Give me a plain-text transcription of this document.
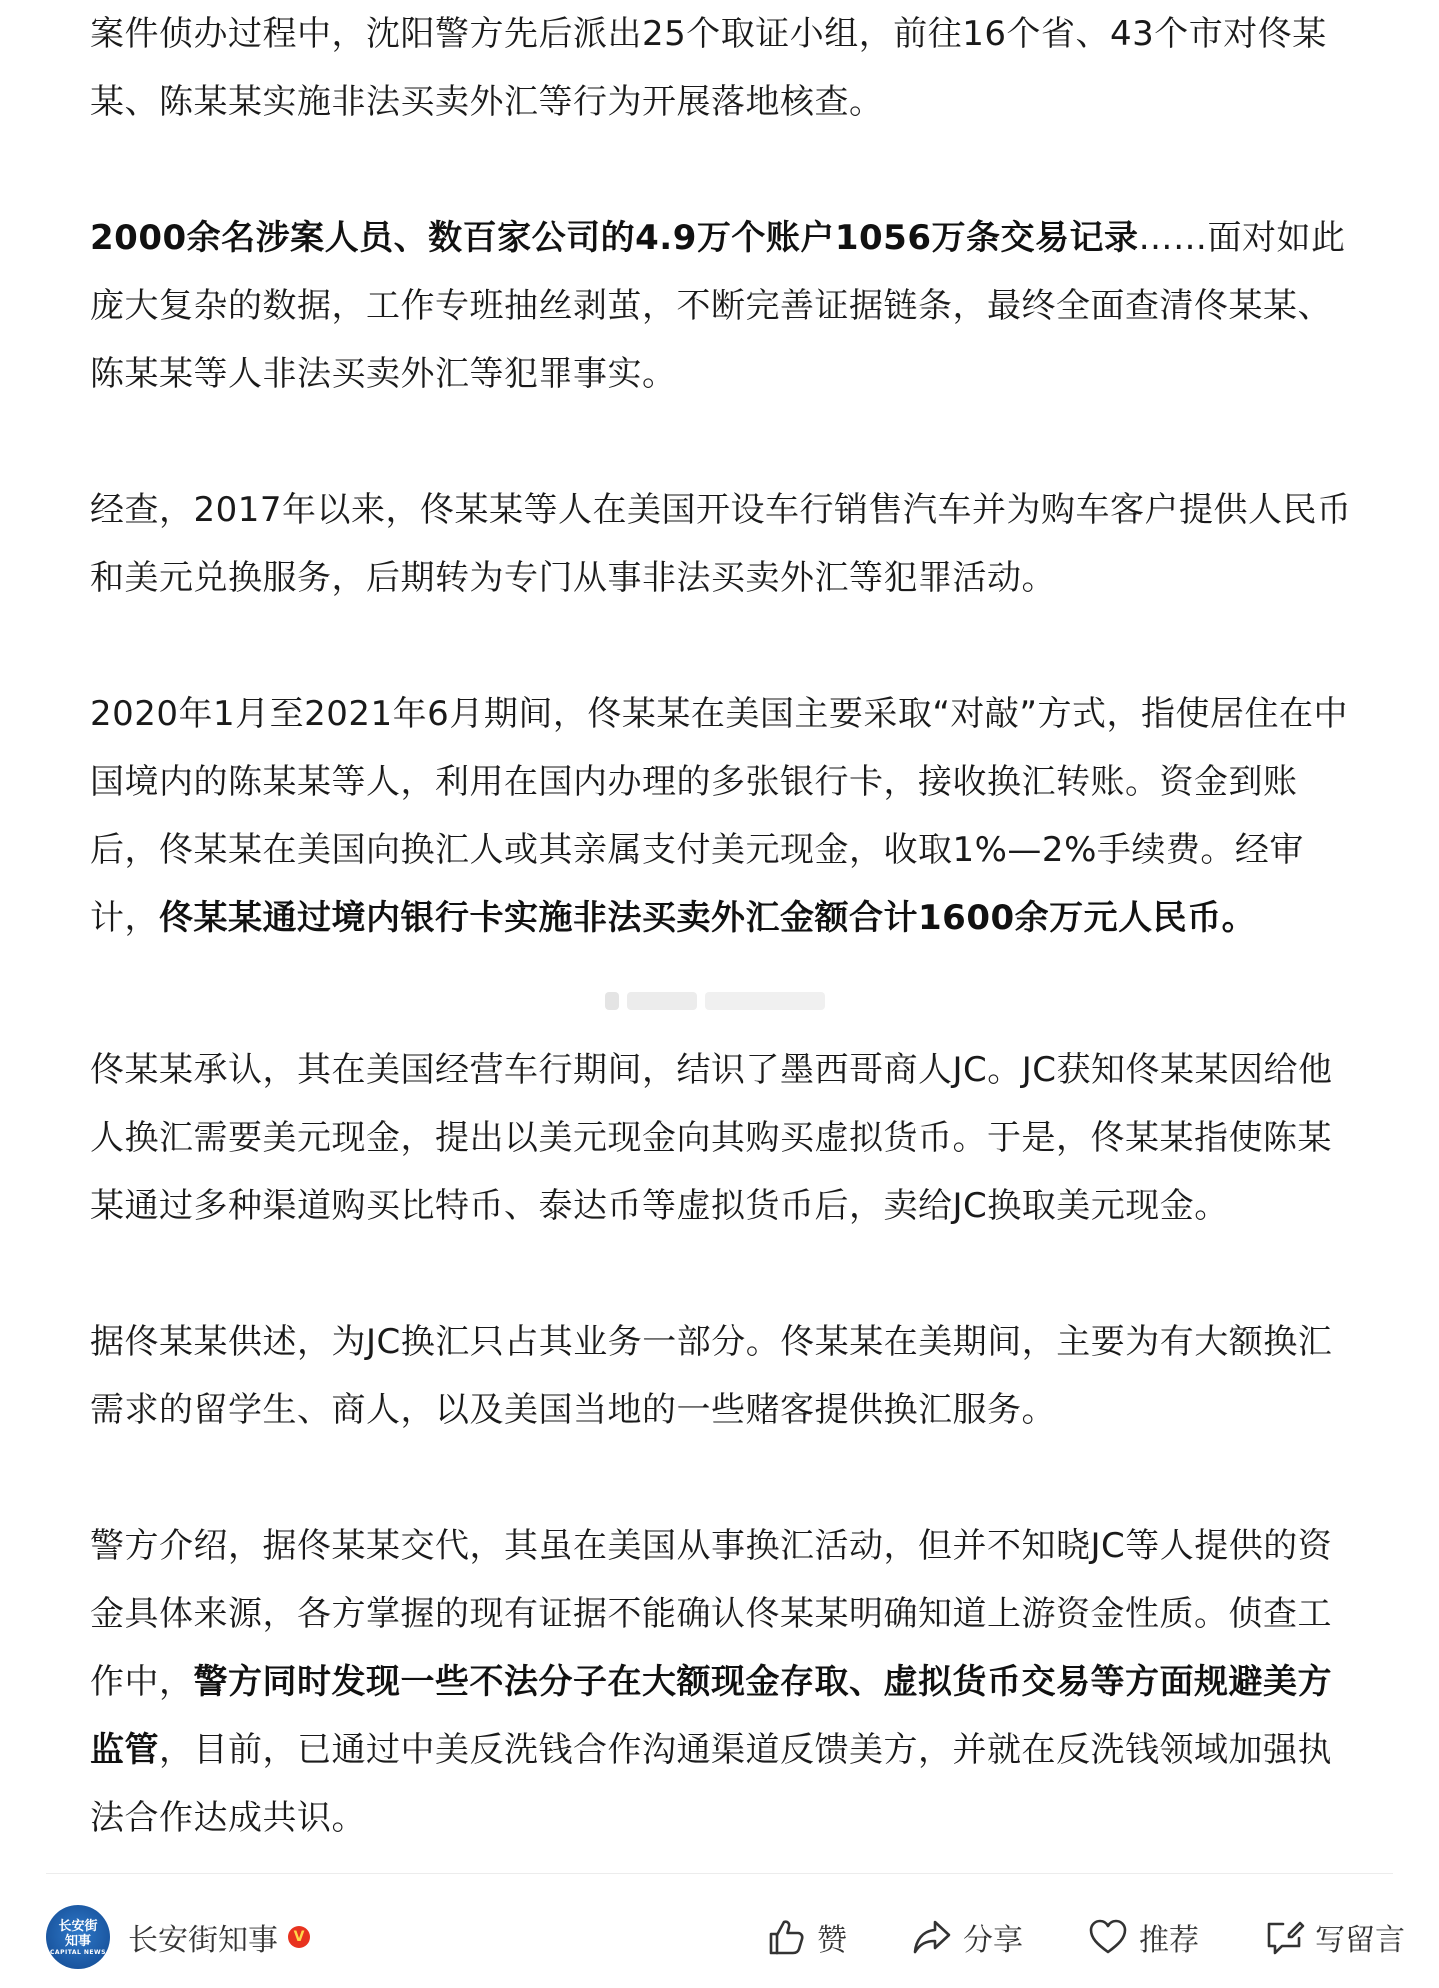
案件侦办过程中，沈阳警方先后派出25个取证小组，前往16个省、43个市对佟某某、陈某某实施非法买卖外汇等行为开展落地核查。

2000余名涉案人员、数百家公司的4.9万个账户1056万条交易记录……面对如此庞大复杂的数据，工作专班抽丝剥茧，不断完善证据链条，最终全面查清佟某某、陈某某等人非法买卖外汇等犯罪事实。

经查，2017年以来，佟某某等人在美国开设车行销售汽车并为购车客户提供人民币和美元兑换服务，后期转为专门从事非法买卖外汇等犯罪活动。

2020年1月至2021年6月期间，佟某某在美国主要采取“对敲”方式，指使居住在中国境内的陈某某等人，利用在国内办理的多张银行卡，接收换汇转账。资金到账后，佟某某在美国向换汇人或其亲属支付美元现金，收取1%—2%手续费。经审计，佟某某通过境内银行卡实施非法买卖外汇金额合计1600余万元人民币。

佟某某承认，其在美国经营车行期间，结识了墨西哥商人JC。JC获知佟某某因给他人换汇需要美元现金，提出以美元现金向其购买虚拟货币。于是，佟某某指使陈某某通过多种渠道购买比特币、泰达币等虚拟货币后，卖给JC换取美元现金。

据佟某某供述，为JC换汇只占其业务一部分。佟某某在美期间，主要为有大额换汇需求的留学生、商人，以及美国当地的一些赌客提供换汇服务。

警方介绍，据佟某某交代，其虽在美国从事换汇活动，但并不知晓JC等人提供的资金具体来源，各方掌握的现有证据不能确认佟某某明确知道上游资金性质。侦查工作中，警方同时发现一些不法分子在大额现金存取、虚拟货币交易等方面规避美方监管，目前，已通过中美反洗钱合作沟通渠道反馈美方，并就在反洗钱领域加强执法合作达成共识。

长安街
知事
CAPITAL NEWS 长安街知事	V	赞	分享	推荐	写留言
